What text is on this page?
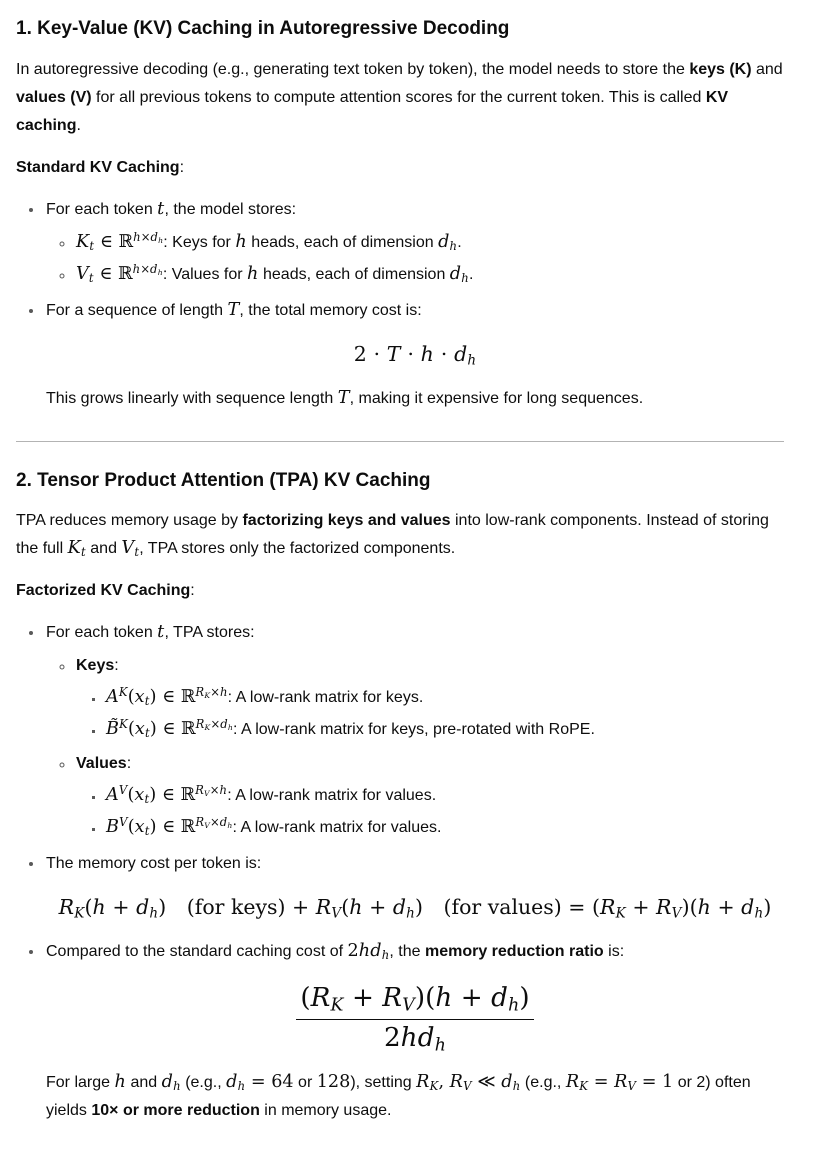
1. Key-Value (KV) Caching in Autoregressive Decoding

In autoregressive decoding (e.g., generating text token by token), the model needs to store the keys (K) and values (V) for all previous tokens to compute attention scores for the current token. This is called KV caching.

Standard KV Caching:

• For each token t, the model stores:
◦ $K_t$ ∈ ℝ$^{h\times d_h}$: Keys for h heads, each of dimension $d_h$.
◦ $V_t$ ∈ ℝ$^{h\times d_h}$: Values for h heads, each of dimension $d_h$.
• For a sequence of length T, the total memory cost is:
$2 \cdot T \cdot h \cdot d_h$

This grows linearly with sequence length T, making it expensive for long sequences.

2. Tensor Product Attention (TPA) KV Caching

TPA reduces memory usage by factorizing keys and values into low-rank components. Instead of storing the full $K_t$ and $V_t$, TPA stores only the factorized components.

Factorized KV Caching:

• For each token t, TPA stores:
◦ Keys:
▪ $A^K(x_t)$ ∈ ℝ$^{R_K\times h}$: A low-rank matrix for keys.
▪ $B̃^K(x_t)$ ∈ ℝ$^{R_K\times d_h}$: A low-rank matrix for keys, pre-rotated with RoPE.
◦ Values:
▪ $A^V(x_t)$ ∈ ℝ$^{R_V\times h}$: A low-rank matrix for values.
▪ $B^V(x_t)$ ∈ ℝ$^{R_V\times d_h}$: A low-rank matrix for values.
• The memory cost per token is:
$R_K(h + d_h)$ (for keys) + $R_V(h + d_h)$ (for values) = $(R_K + R_V)(h + d_h)$
• Compared to the standard caching cost of $2hd_h$, the memory reduction ratio is:
$\frac{(R_K + R_V)(h + d_h)}{2hd_h}$

For large h and $d_h$ (e.g., $d_h = 64$ or 128), setting $R_K$, $R_V$ ≪ $d_h$ (e.g., $R_K = R_V = 1$ or 2) often yields 10× or more reduction in memory usage.
